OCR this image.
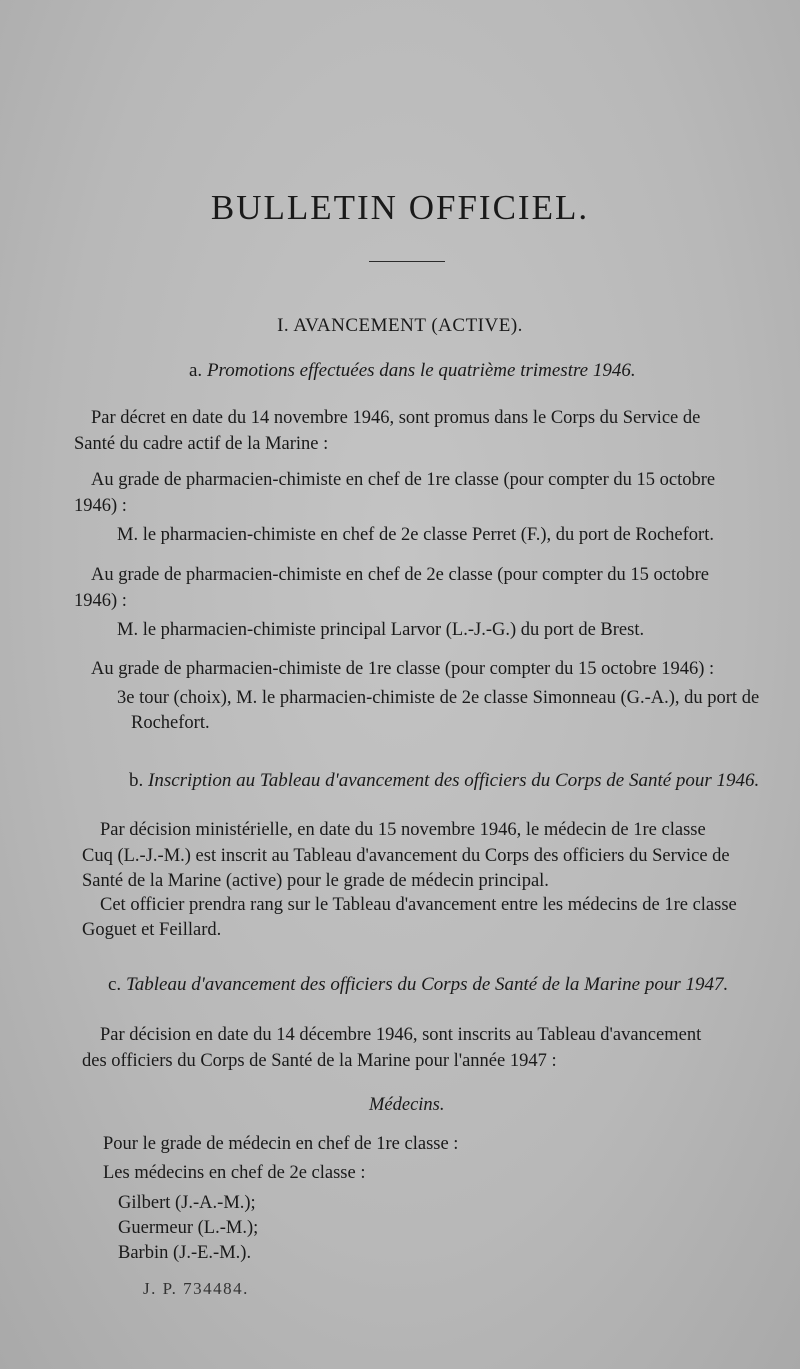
BULLETIN OFFICIEL.
I. AVANCEMENT (ACTIVE).
a. Promotions effectuées dans le quatrième trimestre 1946.
Par décret en date du 14 novembre 1946, sont promus dans le Corps du Service de
Santé du cadre actif de la Marine :
Au grade de pharmacien-chimiste en chef de 1re classe (pour compter du 15 octobre
1946) :
M. le pharmacien-chimiste en chef de 2e classe Perret (F.), du port de Rochefort.
Au grade de pharmacien-chimiste en chef de 2e classe (pour compter du 15 octobre
1946) :
M. le pharmacien-chimiste principal Larvor (L.-J.-G.) du port de Brest.
Au grade de pharmacien-chimiste de 1re classe (pour compter du 15 octobre 1946) :
3e tour (choix), M. le pharmacien-chimiste de 2e classe Simonneau (G.-A.), du port de
Rochefort.
b. Inscription au Tableau d'avancement des officiers du Corps de Santé pour 1946.
Par décision ministérielle, en date du 15 novembre 1946, le médecin de 1re classe
Cuq (L.-J.-M.) est inscrit au Tableau d'avancement du Corps des officiers du Service de
Santé de la Marine (active) pour le grade de médecin principal.
Cet officier prendra rang sur le Tableau d'avancement entre les médecins de 1re classe
Goguet et Feillard.
c. Tableau d'avancement des officiers du Corps de Santé de la Marine pour 1947.
Par décision en date du 14 décembre 1946, sont inscrits au Tableau d'avancement
des officiers du Corps de Santé de la Marine pour l'année 1947 :
Médecins.
Pour le grade de médecin en chef de 1re classe :
Les médecins en chef de 2e classe :
Gilbert (J.-A.-M.);
Guermeur (L.-M.);
Barbin (J.-E.-M.).
J. P. 734484.
